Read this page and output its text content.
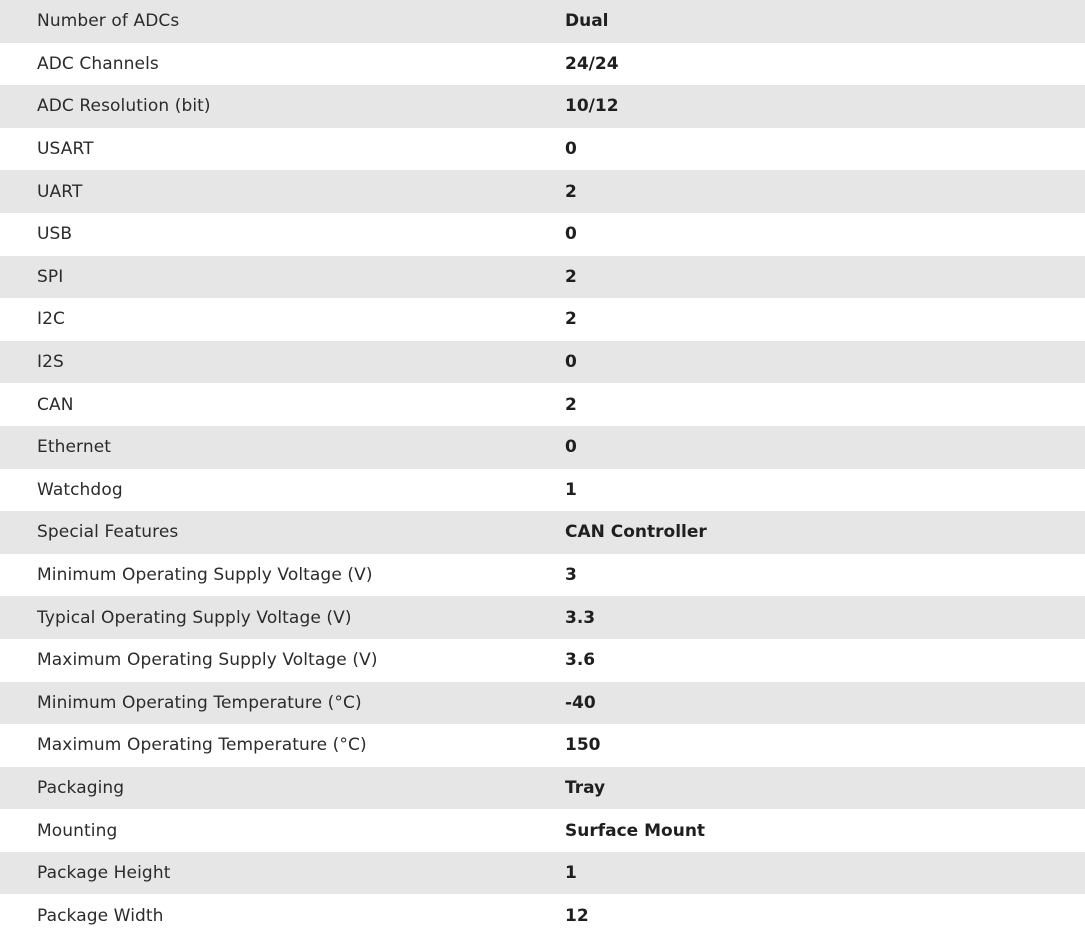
Number of ADCs	Dual
ADC Channels	24/24
ADC Resolution (bit)	10/12
USART	0
UART	2
USB	0
SPI	2
I2C	2
I2S	0
CAN	2
Ethernet	0
Watchdog	1
Special Features	CAN Controller
Minimum Operating Supply Voltage (V)	3
Typical Operating Supply Voltage (V)	3.3
Maximum Operating Supply Voltage (V)	3.6
Minimum Operating Temperature (°C)	-40
Maximum Operating Temperature (°C)	150
Packaging	Tray
Mounting	Surface Mount
Package Height	1
Package Width	12
